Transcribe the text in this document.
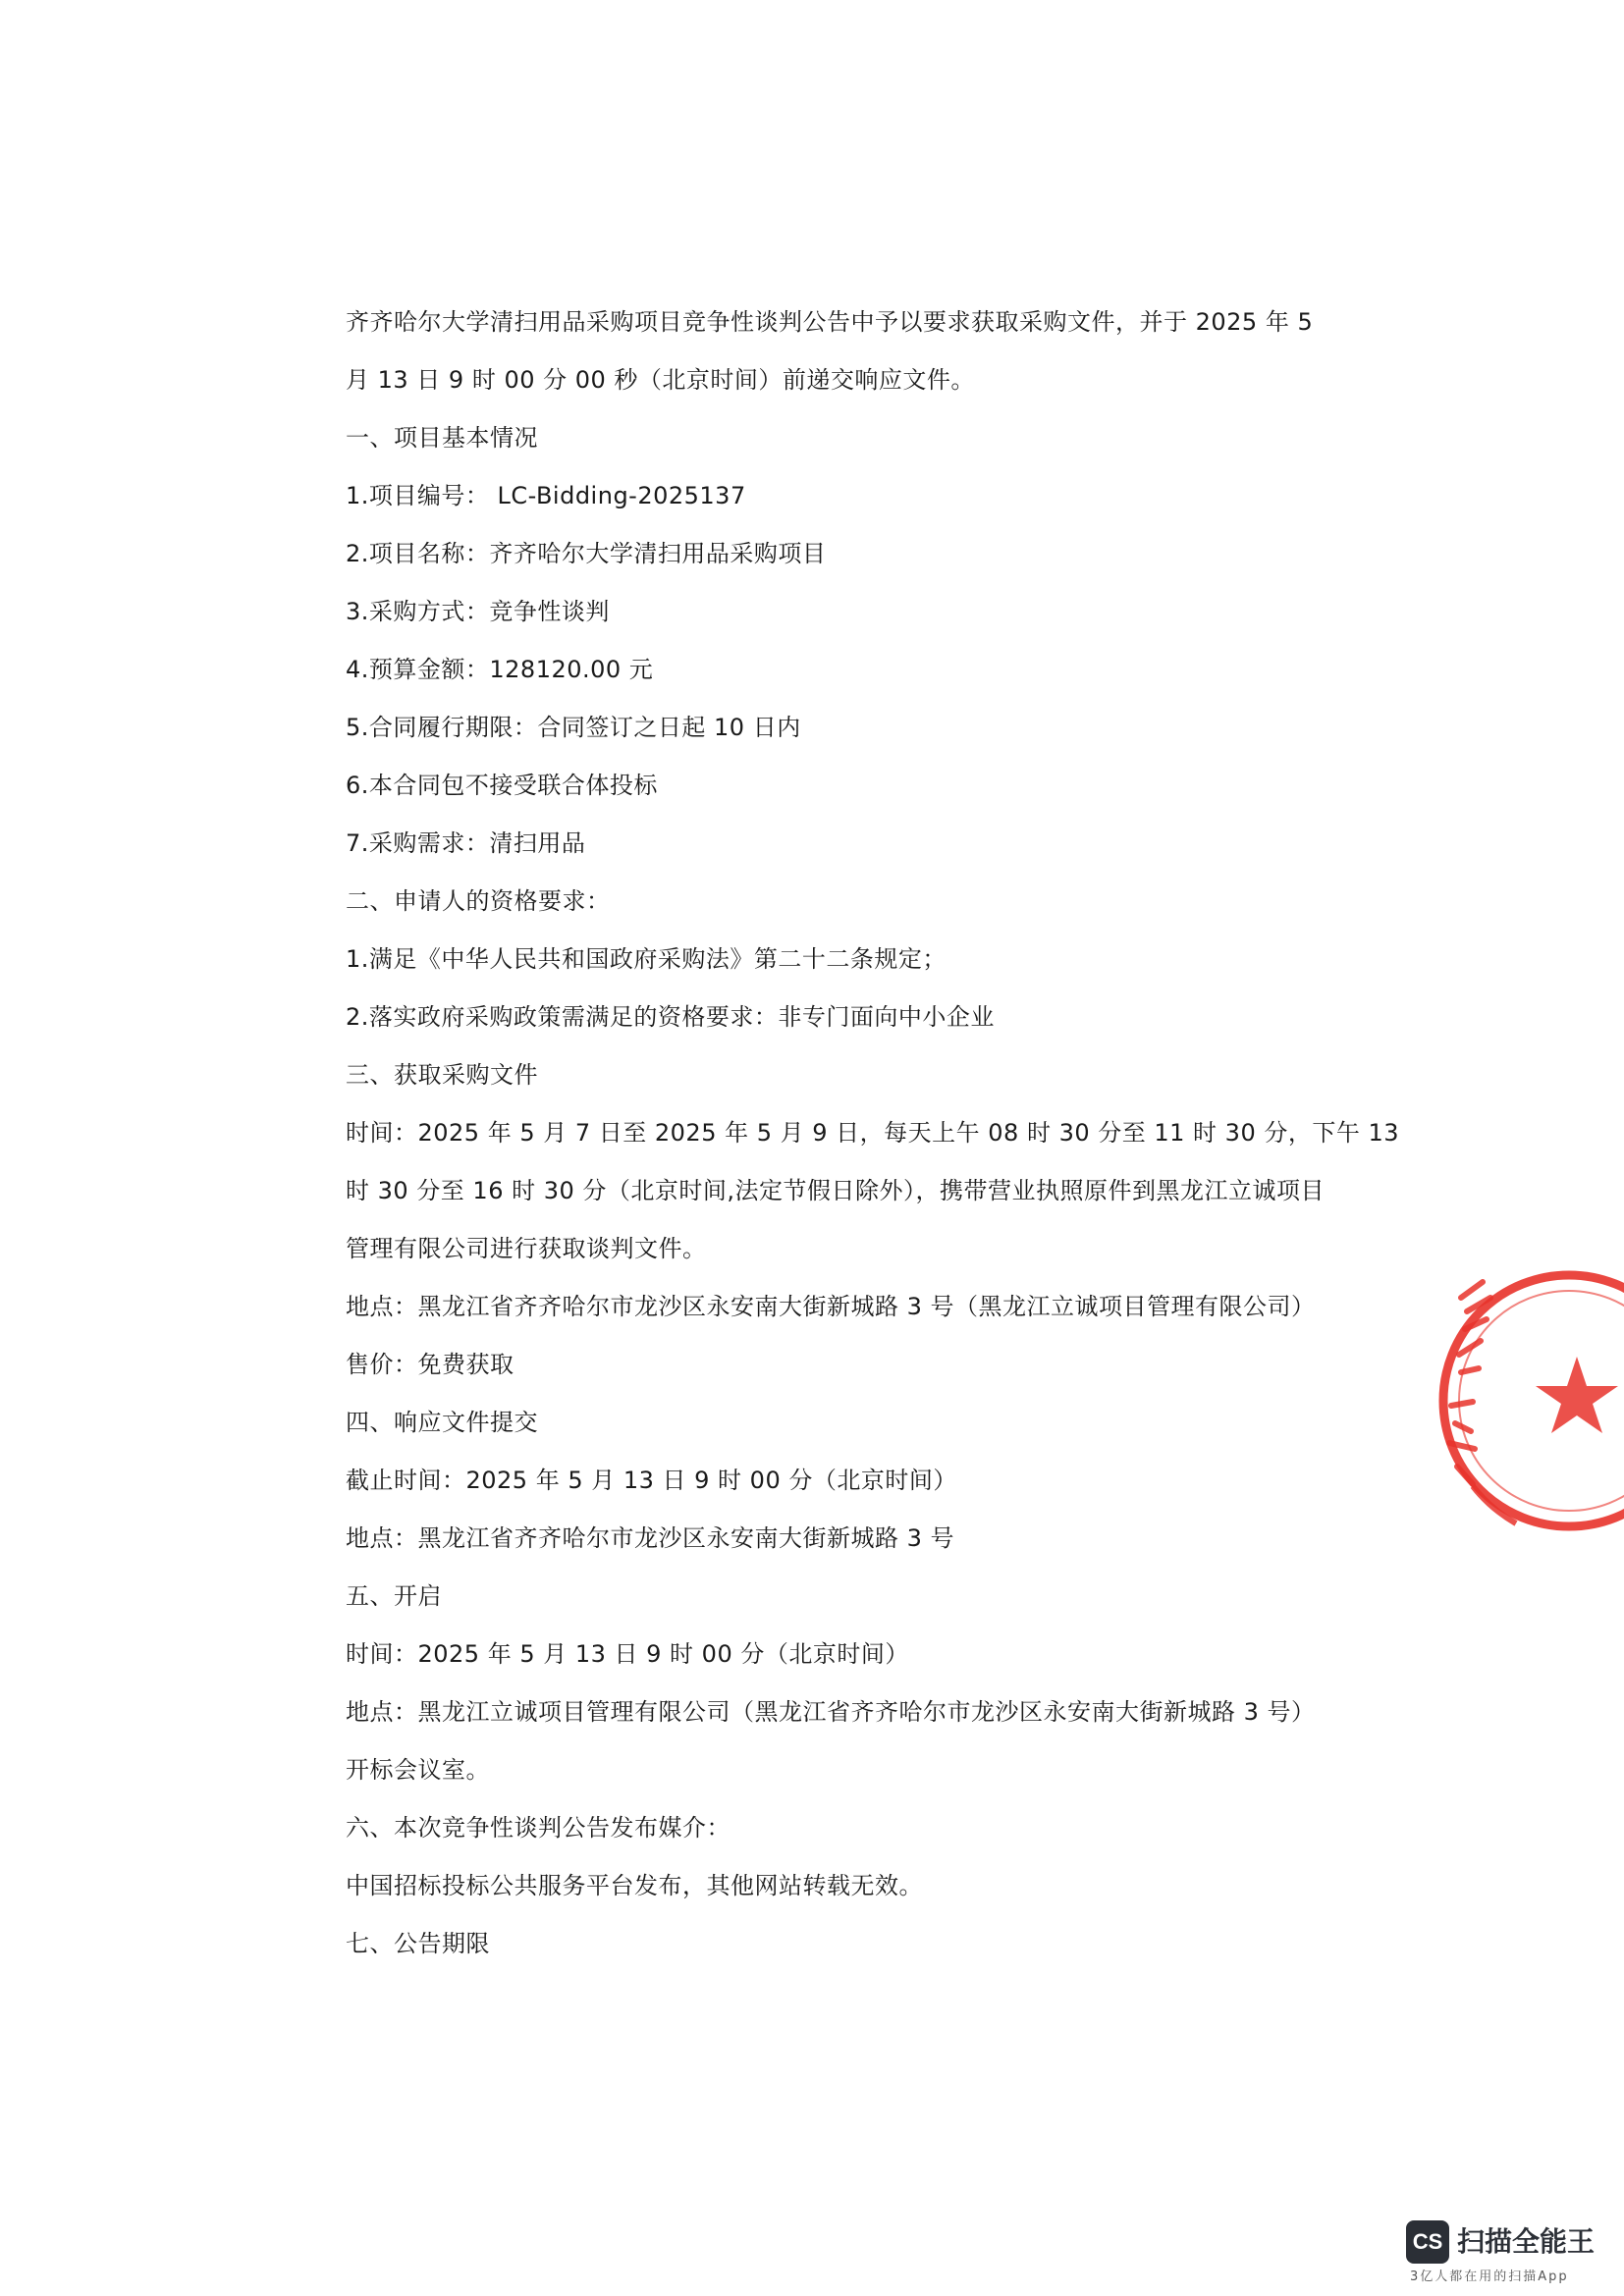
齐齐哈尔大学清扫用品采购项目竞争性谈判公告中予以要求获取采购文件，并于 2025 年 5
月 13 日 9 时 00 分 00 秒（北京时间）前递交响应文件。
一、项目基本情况
1.项目编号： LC-Bidding-2025137
2.项目名称：齐齐哈尔大学清扫用品采购项目
3.采购方式：竞争性谈判
4.预算金额：128120.00 元
5.合同履行期限：合同签订之日起 10 日内
6.本合同包不接受联合体投标
7.采购需求：清扫用品
二、申请人的资格要求：
1.满足《中华人民共和国政府采购法》第二十二条规定；
2.落实政府采购政策需满足的资格要求：非专门面向中小企业
三、获取采购文件
时间：2025 年 5 月 7 日至 2025 年 5 月 9 日，每天上午 08 时 30 分至 11 时 30 分，下午 13
时 30 分至 16 时 30 分（北京时间,法定节假日除外），携带营业执照原件到黑龙江立诚项目
管理有限公司进行获取谈判文件。
地点：黑龙江省齐齐哈尔市龙沙区永安南大街新城路 3 号（黑龙江立诚项目管理有限公司）
售价：免费获取
四、响应文件提交
截止时间：2025 年 5 月 13 日 9 时 00 分（北京时间）
地点：黑龙江省齐齐哈尔市龙沙区永安南大街新城路 3 号
五、开启
时间：2025 年 5 月 13 日 9 时 00 分（北京时间）
地点：黑龙江立诚项目管理有限公司（黑龙江省齐齐哈尔市龙沙区永安南大街新城路 3 号）
开标会议室。
六、本次竞争性谈判公告发布媒介：
中国招标投标公共服务平台发布，其他网站转载无效。
七、公告期限
CS 扫描全能王
3亿人都在用的扫描App
